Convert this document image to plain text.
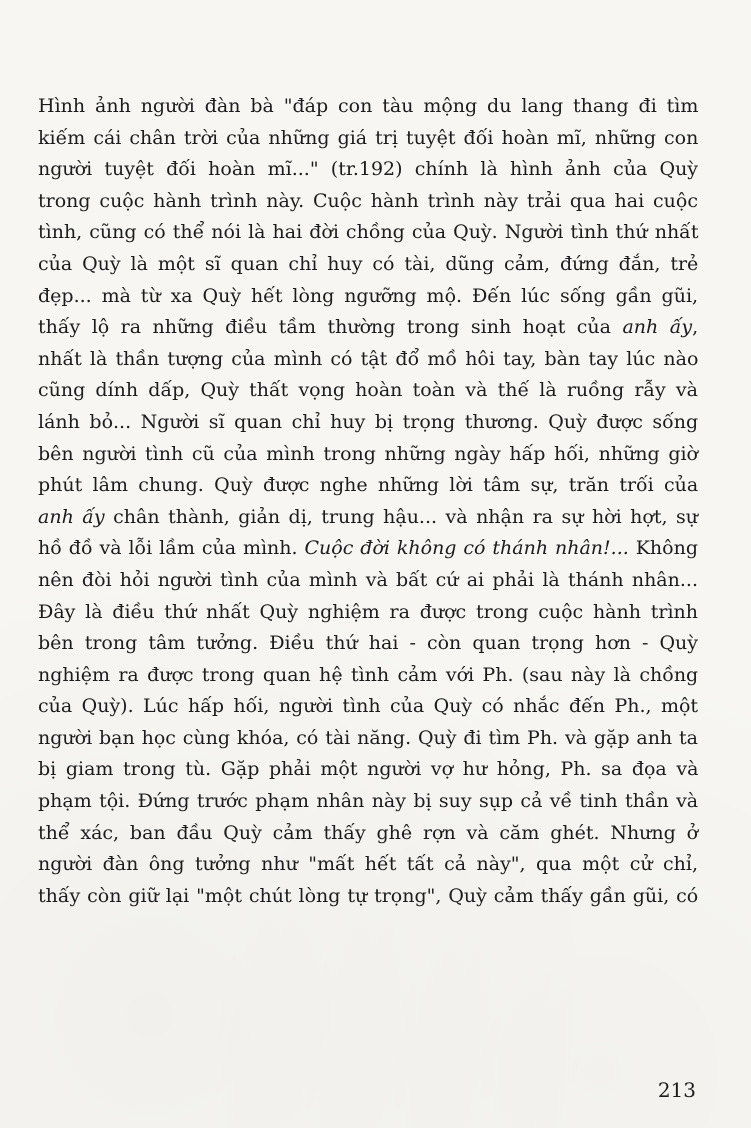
Hình ảnh người đàn bà "đáp con tàu mộng du lang thang đi tìm
kiếm cái chân trời của những giá trị tuyệt đối hoàn mĩ, những con
người tuyệt đối hoàn mĩ..." (tr.192) chính là hình ảnh của Quỳ
trong cuộc hành trình này. Cuộc hành trình này trải qua hai cuộc
tình, cũng có thể nói là hai đời chồng của Quỳ. Người tình thứ nhất
của Quỳ là một sĩ quan chỉ huy có tài, dũng cảm, đứng đắn, trẻ
đẹp... mà từ xa Quỳ hết lòng ngưỡng mộ. Đến lúc sống gần gũi,
thấy lộ ra những điều tầm thường trong sinh hoạt của anh ấy,
nhất là thần tượng của mình có tật đổ mồ hôi tay, bàn tay lúc nào
cũng dính dấp, Quỳ thất vọng hoàn toàn và thế là ruồng rẫy và
lánh bỏ... Người sĩ quan chỉ huy bị trọng thương. Quỳ được sống
bên người tình cũ của mình trong những ngày hấp hối, những giờ
phút lâm chung. Quỳ được nghe những lời tâm sự, trăn trối của
anh ấy chân thành, giản dị, trung hậu... và nhận ra sự hời hợt, sự
hồ đồ và lỗi lầm của mình. Cuộc đời không có thánh nhân!... Không
nên đòi hỏi người tình của mình và bất cứ ai phải là thánh nhân...
Đây là điều thứ nhất Quỳ nghiệm ra được trong cuộc hành trình
bên trong tâm tưởng. Điều thứ hai - còn quan trọng hơn - Quỳ
nghiệm ra được trong quan hệ tình cảm với Ph. (sau này là chồng
của Quỳ). Lúc hấp hối, người tình của Quỳ có nhắc đến Ph., một
người bạn học cùng khóa, có tài năng. Quỳ đi tìm Ph. và gặp anh ta
bị giam trong tù. Gặp phải một người vợ hư hỏng, Ph. sa đọa và
phạm tội. Đứng trước phạm nhân này bị suy sụp cả về tinh thần và
thể xác, ban đầu Quỳ cảm thấy ghê rợn và căm ghét. Nhưng ở
người đàn ông tưởng như "mất hết tất cả này", qua một cử chỉ,
thấy còn giữ lại "một chút lòng tự trọng", Quỳ cảm thấy gần gũi, có
213
